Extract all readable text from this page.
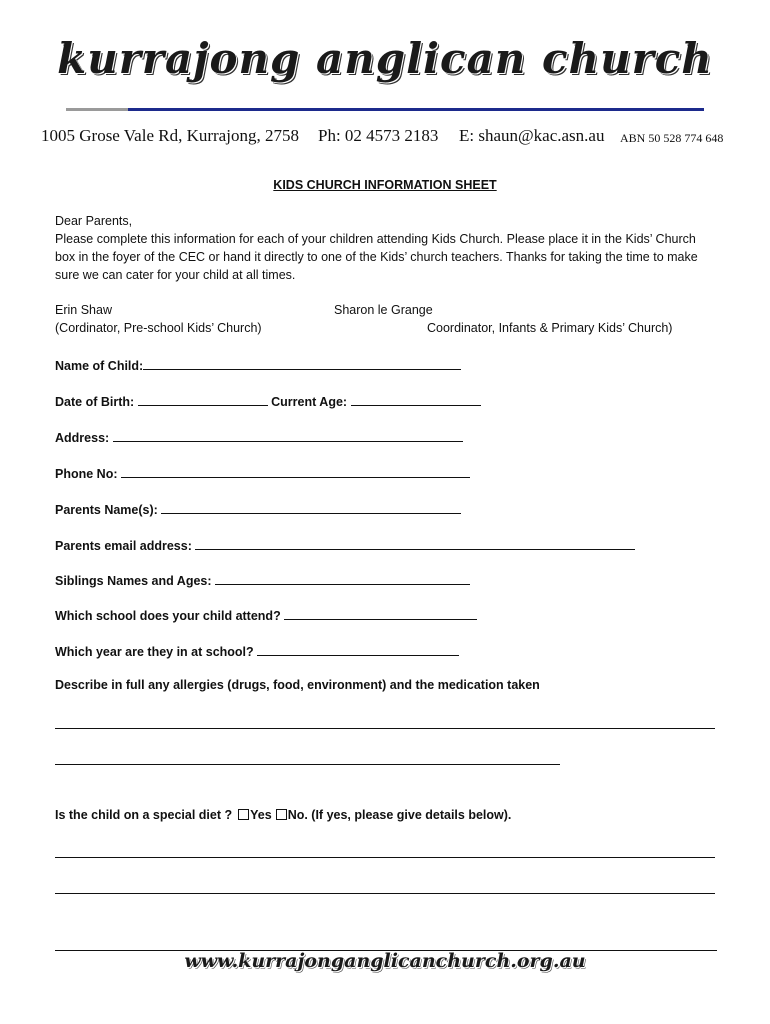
kurrajong anglican church
1005 Grose Vale Rd, Kurrajong, 2758 Ph: 02 4573 2183 E: shaun@kac.asn.au ABN 50 528 774 648
KIDS CHURCH INFORMATION SHEET
Dear Parents,
Please complete this information for each of your children attending Kids Church. Please place it in the Kids’ Church box in the foyer of the CEC or hand it directly to one of the Kids’ church teachers. Thanks for taking the time to make sure we can cater for your child at all times.
Erin Shaw
(Cordinator, Pre-school Kids’ Church)
Sharon le Grange
Coordinator, Infants & Primary Kids’ Church)
Name of Child:
Date of Birth:	Current Age:
Address:
Phone No:
Parents Name(s):
Parents email address:
Siblings Names and Ages:
Which school does your child attend?
Which year are they in at school?
Describe in full any allergies (drugs, food, environment) and the medication taken
Is the child on a special diet ? Yes No. (If yes, please give details below).
www.kurrajonganglicanchurch.org.au
